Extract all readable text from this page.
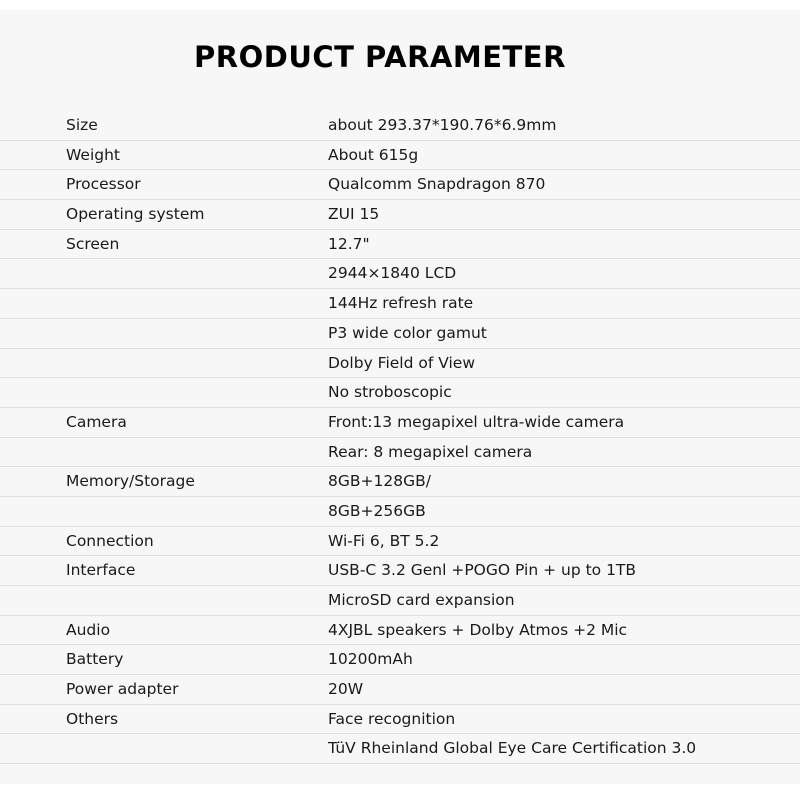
PRODUCT PARAMETER
Size	about 293.37*190.76*6.9mm
Weight	About 615g
Processor	Qualcomm Snapdragon 870
Operating system	ZUI 15
Screen	12.7"
2944×1840 LCD
144Hz refresh rate
P3 wide color gamut
Dolby Field of View
No stroboscopic
Camera	Front:13 megapixel ultra-wide camera
Rear: 8 megapixel camera
Memory/Storage	8GB+128GB/
8GB+256GB
Connection	Wi-Fi 6, BT 5.2
Interface	USB-C 3.2 Genl +POGO Pin + up to 1TB
MicroSD card expansion
Audio	4XJBL speakers + Dolby Atmos +2 Mic
Battery	10200mAh
Power adapter	20W
Others	Face recognition
TüV Rheinland Global Eye Care Certification 3.0
